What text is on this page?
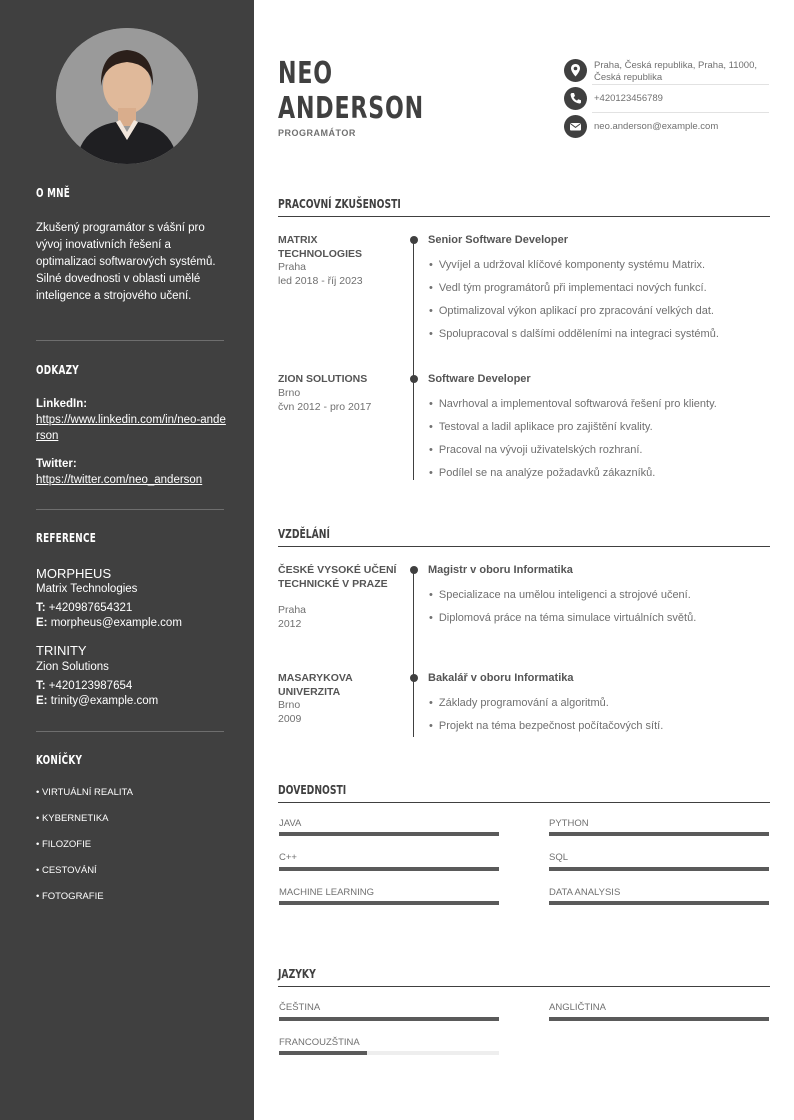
O MNĚ
Zkušený programátor s vášní pro vývoj inovativních řešení a optimalizaci softwarových systémů. Silné dovednosti v oblasti umělé inteligence a strojového učení.
ODKAZY
LinkedIn:
https://www.linkedin.com/in/neo-anderson
Twitter:
https://twitter.com/neo_anderson
REFERENCE
MORPHEUS
Matrix Technologies
T: +420987654321
E: morpheus@example.com
TRINITY
Zion Solutions
T: +420123987654
E: trinity@example.com
KONÍČKY
• VIRTUÁLNÍ REALITA
• KYBERNETIKA
• FILOZOFIE
• CESTOVÁNÍ
• FOTOGRAFIE
NEO
ANDERSON
PROGRAMÁTOR
Praha, Česká republika, Praha, 11000, Česká republika
+420123456789
neo.anderson@example.com
PRACOVNÍ ZKUŠENOSTI
MATRIX TECHNOLOGIES
Praha
led 2018 - říj 2023
Senior Software Developer
• Vyvíjel a udržoval klíčové komponenty systému Matrix.
• Vedl tým programátorů při implementaci nových funkcí.
• Optimalizoval výkon aplikací pro zpracování velkých dat.
• Spolupracoval s dalšími odděleními na integraci systémů.
ZION SOLUTIONS
Brno
čvn 2012 - pro 2017
Software Developer
• Navrhoval a implementoval softwarová řešení pro klienty.
• Testoval a ladil aplikace pro zajištění kvality.
• Pracoval na vývoji uživatelských rozhraní.
• Podílel se na analýze požadavků zákazníků.
VZDĚLÁNÍ
ČESKÉ VYSOKÉ UČENÍ TECHNICKÉ V PRAZE
Praha
2012
Magistr v oboru Informatika
• Specializace na umělou inteligenci a strojové učení.
• Diplomová práce na téma simulace virtuálních světů.
MASARYKOVA UNIVERZITA
Brno
2009
Bakalář v oboru Informatika
• Základy programování a algoritmů.
• Projekt na téma bezpečnost počítačových sítí.
DOVEDNOSTI
JAVA	PYTHON
C++	SQL
MACHINE LEARNING	DATA ANALYSIS
JAZYKY
ČEŠTINA	ANGLIČTINA
FRANCOUZŠTINA
